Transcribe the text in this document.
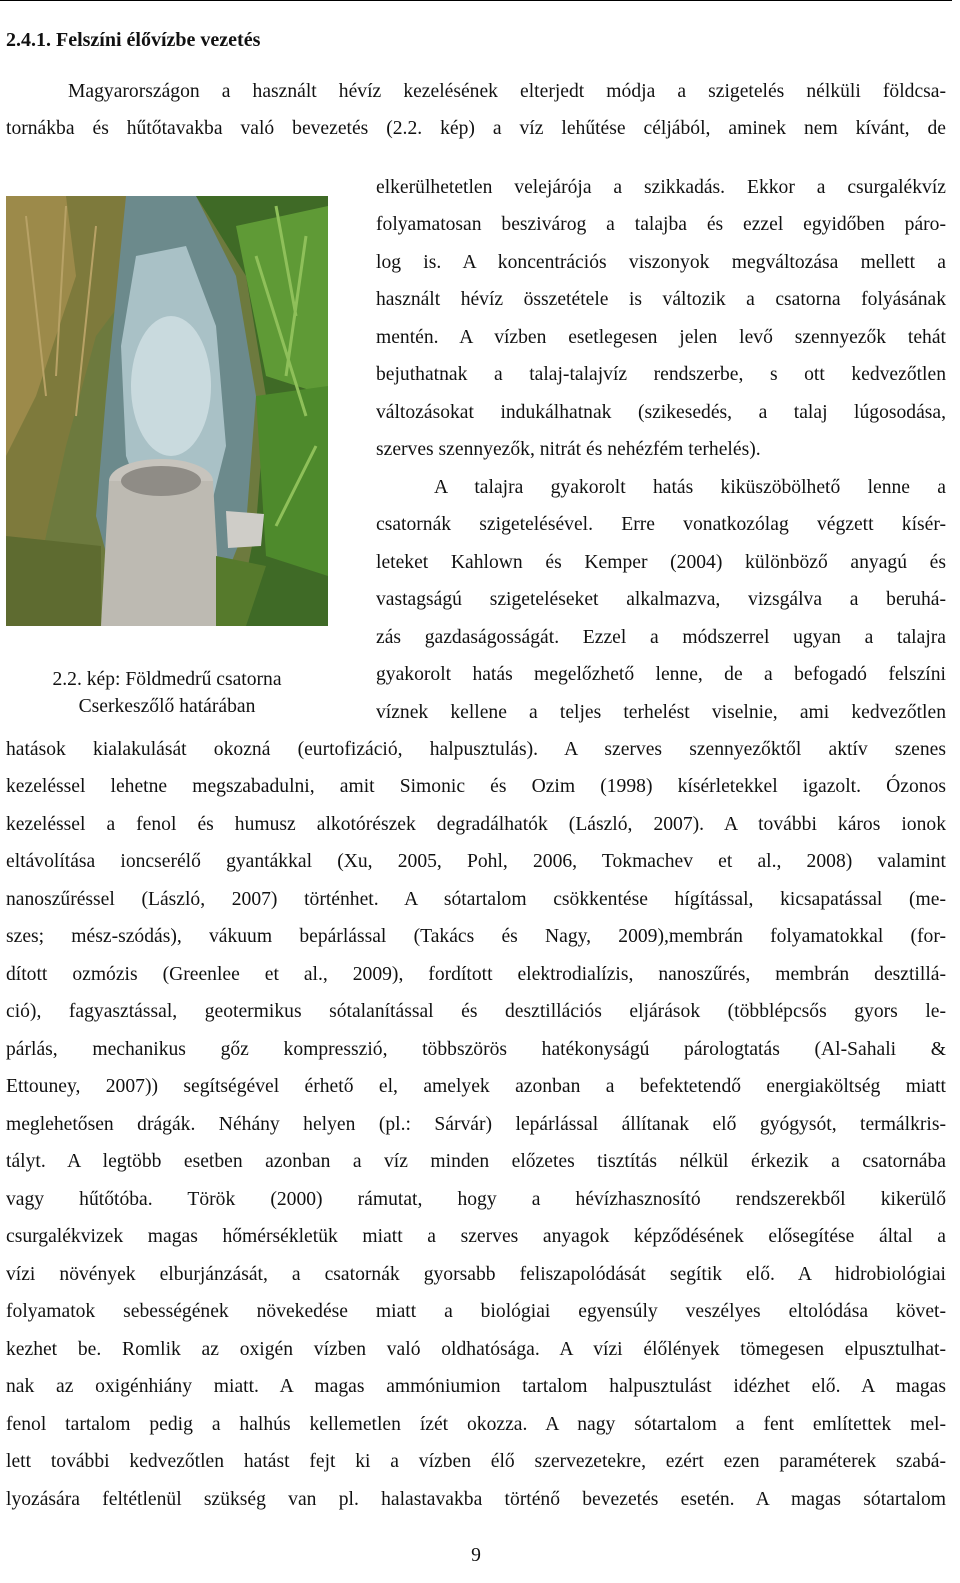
2.4.1. Felszíni élővízbe vezetés
Magyarországon a használt hévíz kezelésének elterjedt módja a szigetelés nélküli földcsa-
tornákba és hűtőtavakba való bevezetés (2.2. kép) a víz lehűtése céljából, aminek nem kívánt, de
elkerülhetetlen velejárója a szikkadás. Ekkor a csurgalékvíz
folyamatosan beszivárog a talajba és ezzel egyidőben páro-
log is. A koncentrációs viszonyok megváltozása mellett a
használt hévíz összetétele is változik a csatorna folyásának
mentén. A vízben esetlegesen jelen levő szennyezők tehát
bejuthatnak a talaj-talajvíz rendszerbe, s ott kedvezőtlen
változásokat indukálhatnak (szikesedés, a talaj lúgosodása,
szerves szennyezők, nitrát és nehézfém terhelés).
A talajra gyakorolt hatás kiküszöbölhető lenne a
csatornák szigetelésével. Erre vonatkozólag végzett kísér-
leteket Kahlown és Kemper (2004) különböző anyagú és
vastagságú szigeteléseket alkalmazva, vizsgálva a beruhá-
zás gazdaságosságát. Ezzel a módszerrel ugyan a talajra
gyakorolt hatás megelőzhető lenne, de a befogadó felszíni
víznek kellene a teljes terhelést viselnie, ami kedvezőtlen
2.2. kép: Földmedrű csatorna
Cserkeszőlő határában
hatások kialakulását okozná (eurtofizáció, halpusztulás). A szerves szennyezőktől aktív szenes
kezeléssel lehetne megszabadulni, amit Simonic és Ozim (1998) kísérletekkel igazolt. Ózonos
kezeléssel a fenol és humusz alkotórészek degradálhatók (László, 2007). A további káros ionok
eltávolítása ioncserélő gyantákkal (Xu, 2005, Pohl, 2006, Tokmachev et al., 2008) valamint
nanoszűréssel (László, 2007) történhet. A sótartalom csökkentése hígítással, kicsapatással (me-
szes; mész-szódás), vákuum bepárlással (Takács és Nagy, 2009),membrán folyamatokkal (for-
dított ozmózis (Greenlee et al., 2009), fordított elektrodialízis, nanoszűrés, membrán desztillá-
ció), fagyasztással, geotermikus sótalanítással és desztillációs eljárások (többlépcsős gyors le-
párlás, mechanikus gőz kompresszió, többszörös hatékonyságú párologtatás (Al-Sahali &
Ettouney, 2007)) segítségével érhető el, amelyek azonban a befektetendő energiaköltség miatt
meglehetősen drágák. Néhány helyen (pl.: Sárvár) lepárlással állítanak elő gyógysót, termálkris-
tályt. A legtöbb esetben azonban a víz minden előzetes tisztítás nélkül érkezik a csatornába
vagy hűtőtóba. Török (2000) rámutat, hogy a hévízhasznosító rendszerekből kikerülő
csurgalékvizek magas hőmérsékletük miatt a szerves anyagok képződésének elősegítése által a
vízi növények elburjánzását, a csatornák gyorsabb feliszapolódását segítik elő. A hidrobiológiai
folyamatok sebességének növekedése miatt a biológiai egyensúly veszélyes eltolódása követ-
kezhet be. Romlik az oxigén vízben való oldhatósága. A vízi élőlények tömegesen elpusztulhat-
nak az oxigénhiány miatt. A magas ammóniumion tartalom halpusztulást idézhet elő. A magas
fenol tartalom pedig a halhús kellemetlen ízét okozza. A nagy sótartalom a fent említettek mel-
lett további kedvezőtlen hatást fejt ki a vízben élő szervezetekre, ezért ezen paraméterek szabá-
lyozására feltétlenül szükség van pl. halastavakba történő bevezetés esetén. A magas sótartalom
9
